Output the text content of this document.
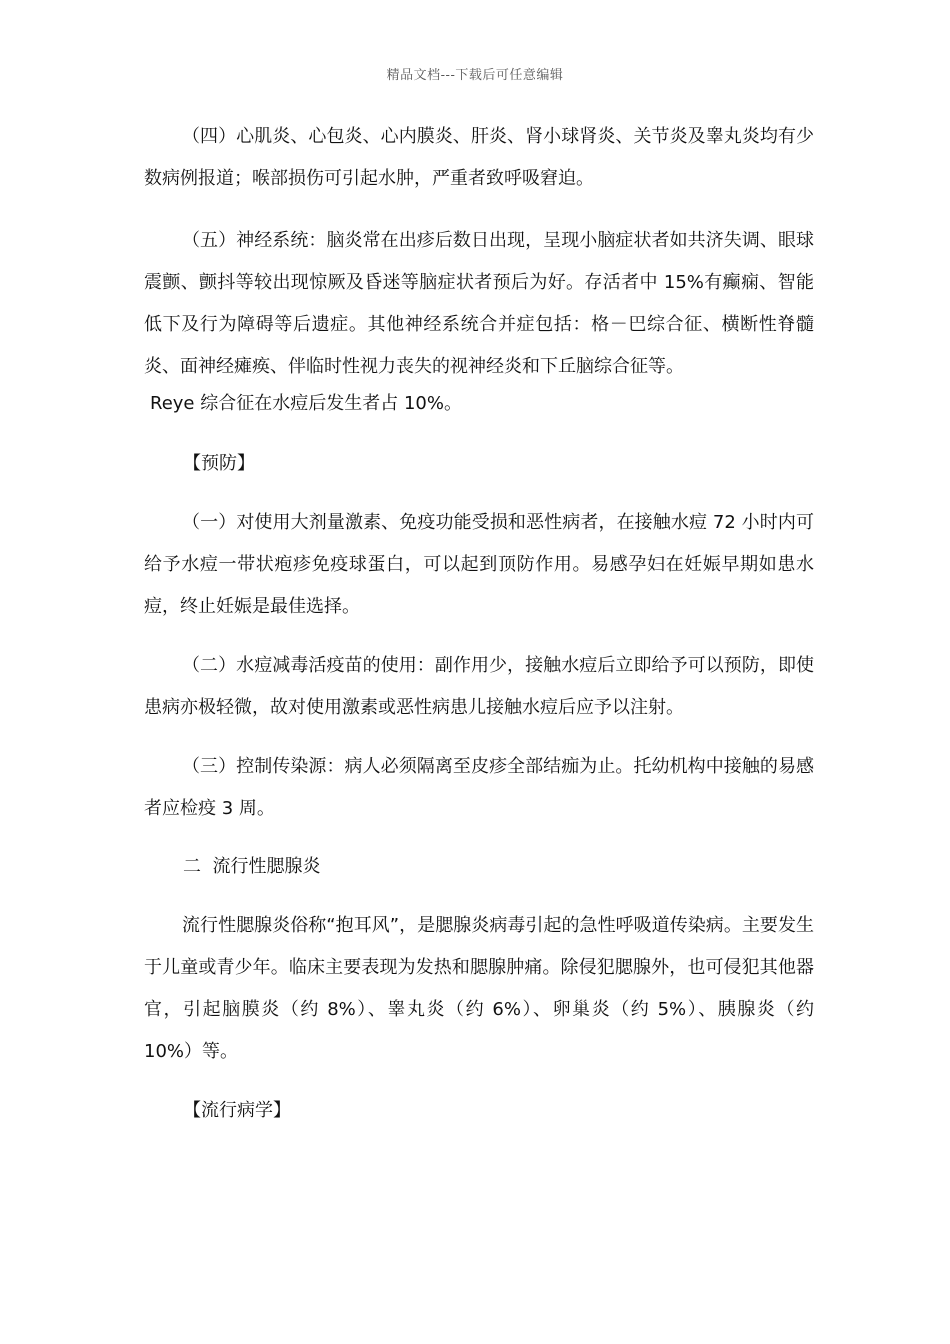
精品文档---下载后可任意编辑

（四）心肌炎、心包炎、心内膜炎、肝炎、肾小球肾炎、关节炎及睾丸炎均有少数病例报道；喉部损伤可引起水肿，严重者致呼吸窘迫。

（五）神经系统：脑炎常在出疹后数日出现，呈现小脑症状者如共济失调、眼球震颤、颤抖等较出现惊厥及昏迷等脑症状者预后为好。存活者中 15%有癫痫、智能低下及行为障碍等后遗症。其他神经系统合并症包括：格－巴综合征、横断性脊髓炎、面神经瘫痪、伴临时性视力丧失的视神经炎和下丘脑综合征等。

Reye 综合征在水痘后发生者占 10%。

【预防】

（一）对使用大剂量激素、免疫功能受损和恶性病者，在接触水痘 72 小时内可给予水痘一带状疱疹免疫球蛋白，可以起到顶防作用。易感孕妇在妊娠早期如患水痘，终止妊娠是最佳选择。

（二）水痘减毒活疫苗的使用：副作用少，接触水痘后立即给予可以预防，即使患病亦极轻微，故对使用激素或恶性病患儿接触水痘后应予以注射。

（三）控制传染源：病人必须隔离至皮疹全部结痂为止。托幼机构中接触的易感者应检疫 3 周。

二  流行性腮腺炎

流行性腮腺炎俗称“抱耳风”，是腮腺炎病毒引起的急性呼吸道传染病。主要发生于儿童或青少年。临床主要表现为发热和腮腺肿痛。除侵犯腮腺外，也可侵犯其他器官，引起脑膜炎（约 8%）、睾丸炎（约 6%）、卵巢炎（约 5%）、胰腺炎（约 10%）等。

【流行病学】
